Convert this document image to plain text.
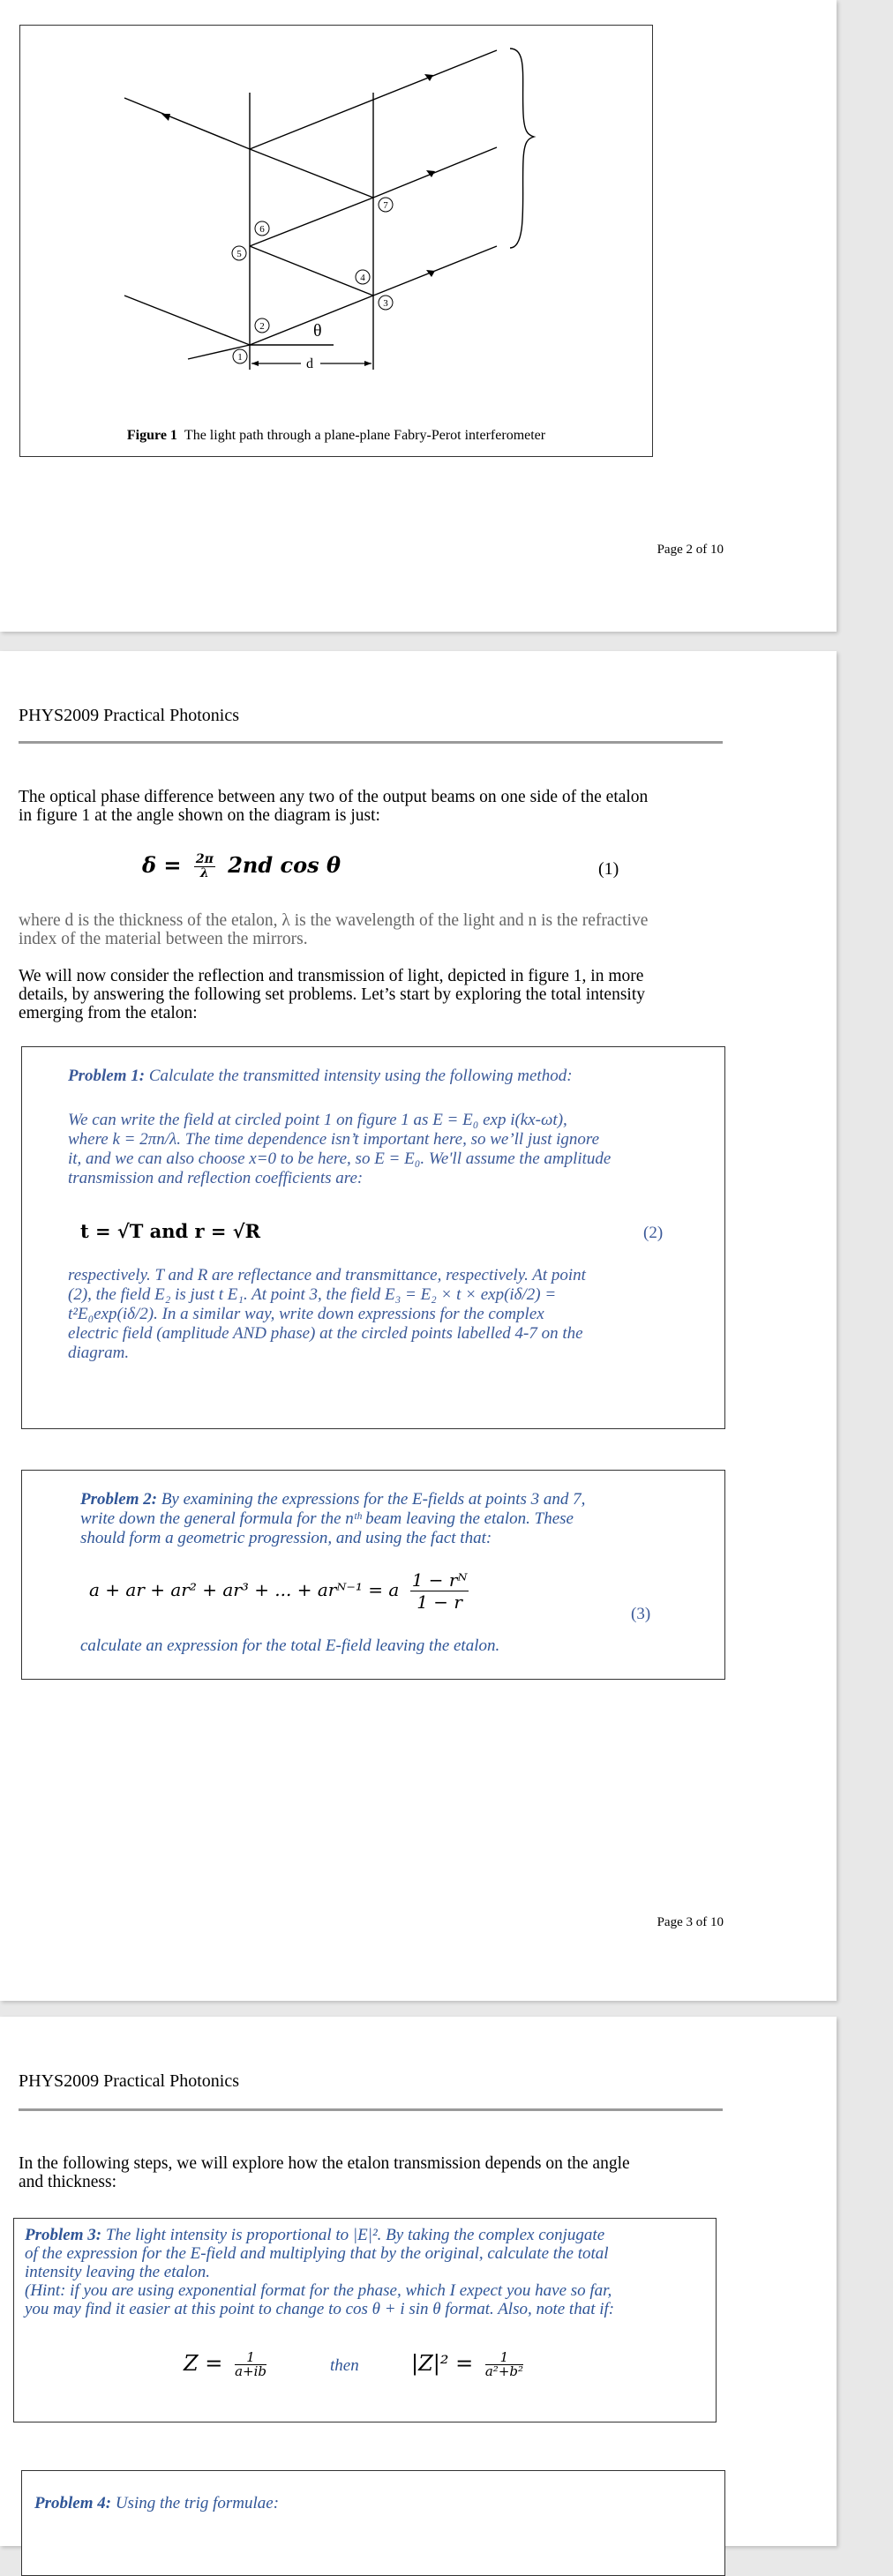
d
θ
1
2
3
4
5
6
7
Figure 1 The light path through a plane-plane Fabry-Perot interferometer
Page 2 of 10
PHYS2009 Practical Photonics
The optical phase difference between any two of the output beams on one side of the etalon
in figure 1 at the angle shown on the diagram is just:
$\delta = \frac{2\pi}{\lambda} 2nd$ cos θ	(1)
where d is the thickness of the etalon, λ is the wavelength of the light and n is the refractive
index of the material between the mirrors.
We will now consider the reflection and transmission of light, depicted in figure 1, in more
details, by answering the following set problems. Let’s start by exploring the total intensity
emerging from the etalon:
Problem 1: Calculate the transmitted intensity using the following method:
We can write the field at circled point 1 on figure 1 as E = E₀ exp i(kx-ωt),
where k = 2πn/λ. The time dependence isn’t important here, so we’ll just ignore
it, and we can also choose x=0 to be here, so E = E₀. We'll assume the amplitude
transmission and reflection coefficients are:
t = √T and r = √R	(2)
respectively. T and R are reflectance and transmittance, respectively. At point
(2), the field E₂ is just t E₁. At point 3, the field E₃ = E₂ × t × exp(iδ/2) =
t²E₀exp(iδ/2). In a similar way, write down expressions for the complex
electric field (amplitude AND phase) at the circled points labelled 4-7 on the
diagram.
Problem 2: By examining the expressions for the E-fields at points 3 and 7,
write down the general formula for the nᵗʰ beam leaving the etalon. These
should form a geometric progression, and using the fact that:
a + ar + ar² + ar³ + ... + arᴺ⁻¹ = a $\frac{\text{1 − rᴺ}}{1 - r}$
(3)
calculate an expression for the total E-field leaving the etalon.
Page 3 of 10
PHYS2009 Practical Photonics
In the following steps, we will explore how the etalon transmission depends on the angle
and thickness:
Problem 3: The light intensity is proportional to |E|². By taking the complex conjugate
of the expression for the E-field and multiplying that by the original, calculate the total
intensity leaving the etalon.
(Hint: if you are using exponential format for the phase, which I expect you have so far,
you may find it easier at this point to change to cos θ + i sin θ format. Also, note that if:
$Z = \frac{1}{a+ib}$	then $|Z|^2 = \frac{1}{\text{a²+b²}}$
Problem 4: Using the trig formulae:
